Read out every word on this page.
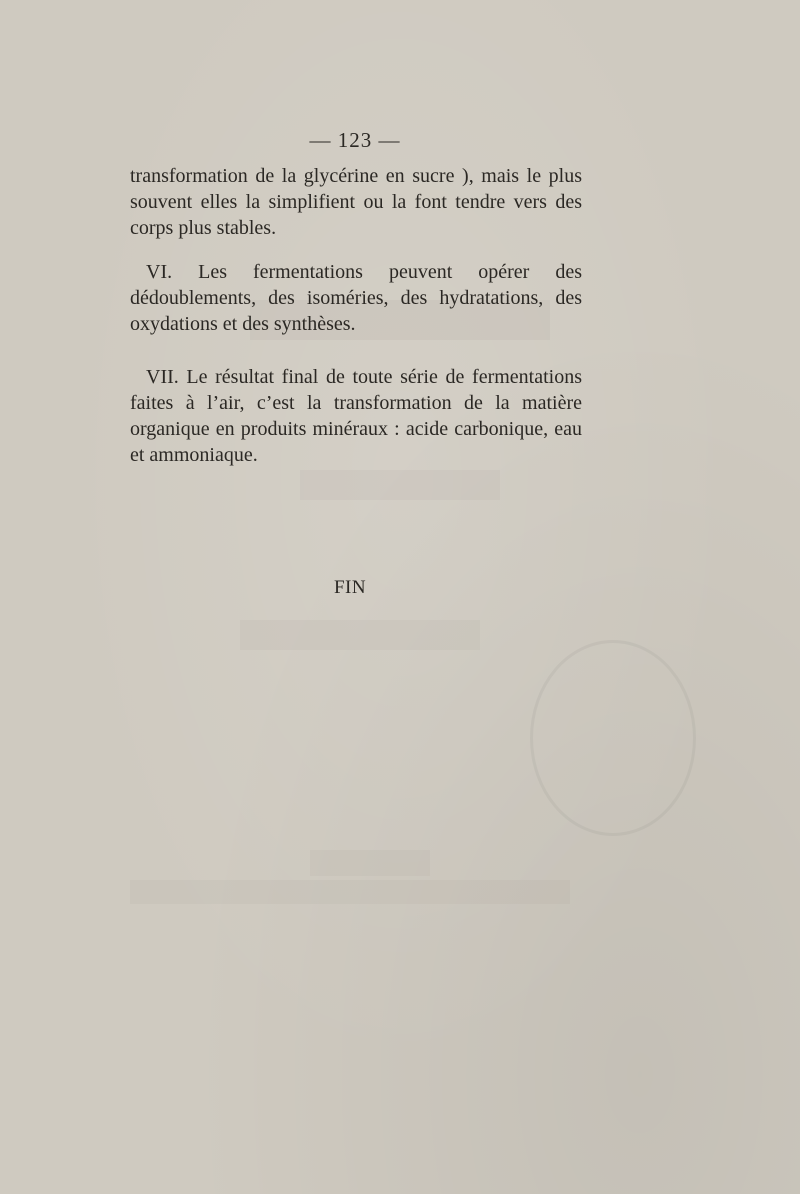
— 123 —
transformation de la glycérine en sucre ), mais le plus souvent elles la simplifient ou la font tendre vers des corps plus stables.
VI. Les fermentations peuvent opérer des dédoublements, des isoméries, des hydratations, des oxydations et des synthèses.
VII. Le résultat final de toute série de fermentations faites à l’air, c’est la transformation de la matière organique en produits minéraux : acide carbonique, eau et ammoniaque.
FIN
